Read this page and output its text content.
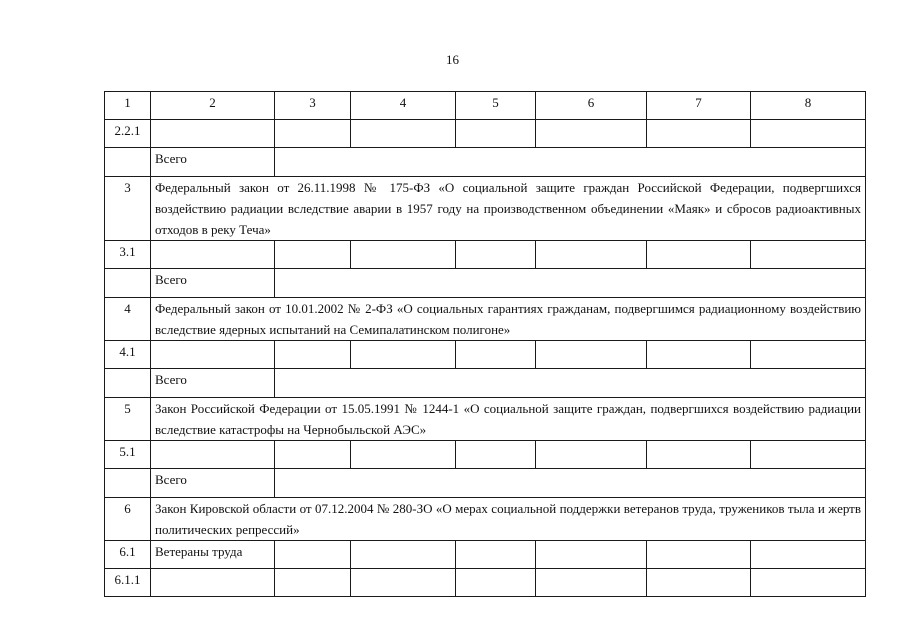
16
1	2	3	4	5	6	7	8
2.2.1							
	Всего						
3	Федеральный закон от 26.11.1998 № 175-ФЗ «О социальной защите граждан Российской Федерации, подвергшихся воздействию радиации вследствие аварии в 1957 году на производственном объединении «Маяк» и сбросов радиоактивных отходов в реку Теча»						
3.1							
	Всего						
4	Федеральный закон от 10.01.2002 № 2-ФЗ «О социальных гарантиях гражданам, подвергшимся радиационному воздействию вследствие ядерных испытаний на Семипалатинском полигоне»						
4.1							
	Всего						
5	Закон Российской Федерации от 15.05.1991 № 1244-1 «О социальной защите граждан, подвергшихся воздействию радиации вследствие катастрофы на Чернобыльской АЭС»						
5.1							
	Всего						
6	Закон Кировской области от 07.12.2004 № 280-ЗО «О мерах социальной поддержки ветеранов труда, тружеников тыла и жертв политических репрессий»						
6.1	Ветераны труда						
6.1.1							
